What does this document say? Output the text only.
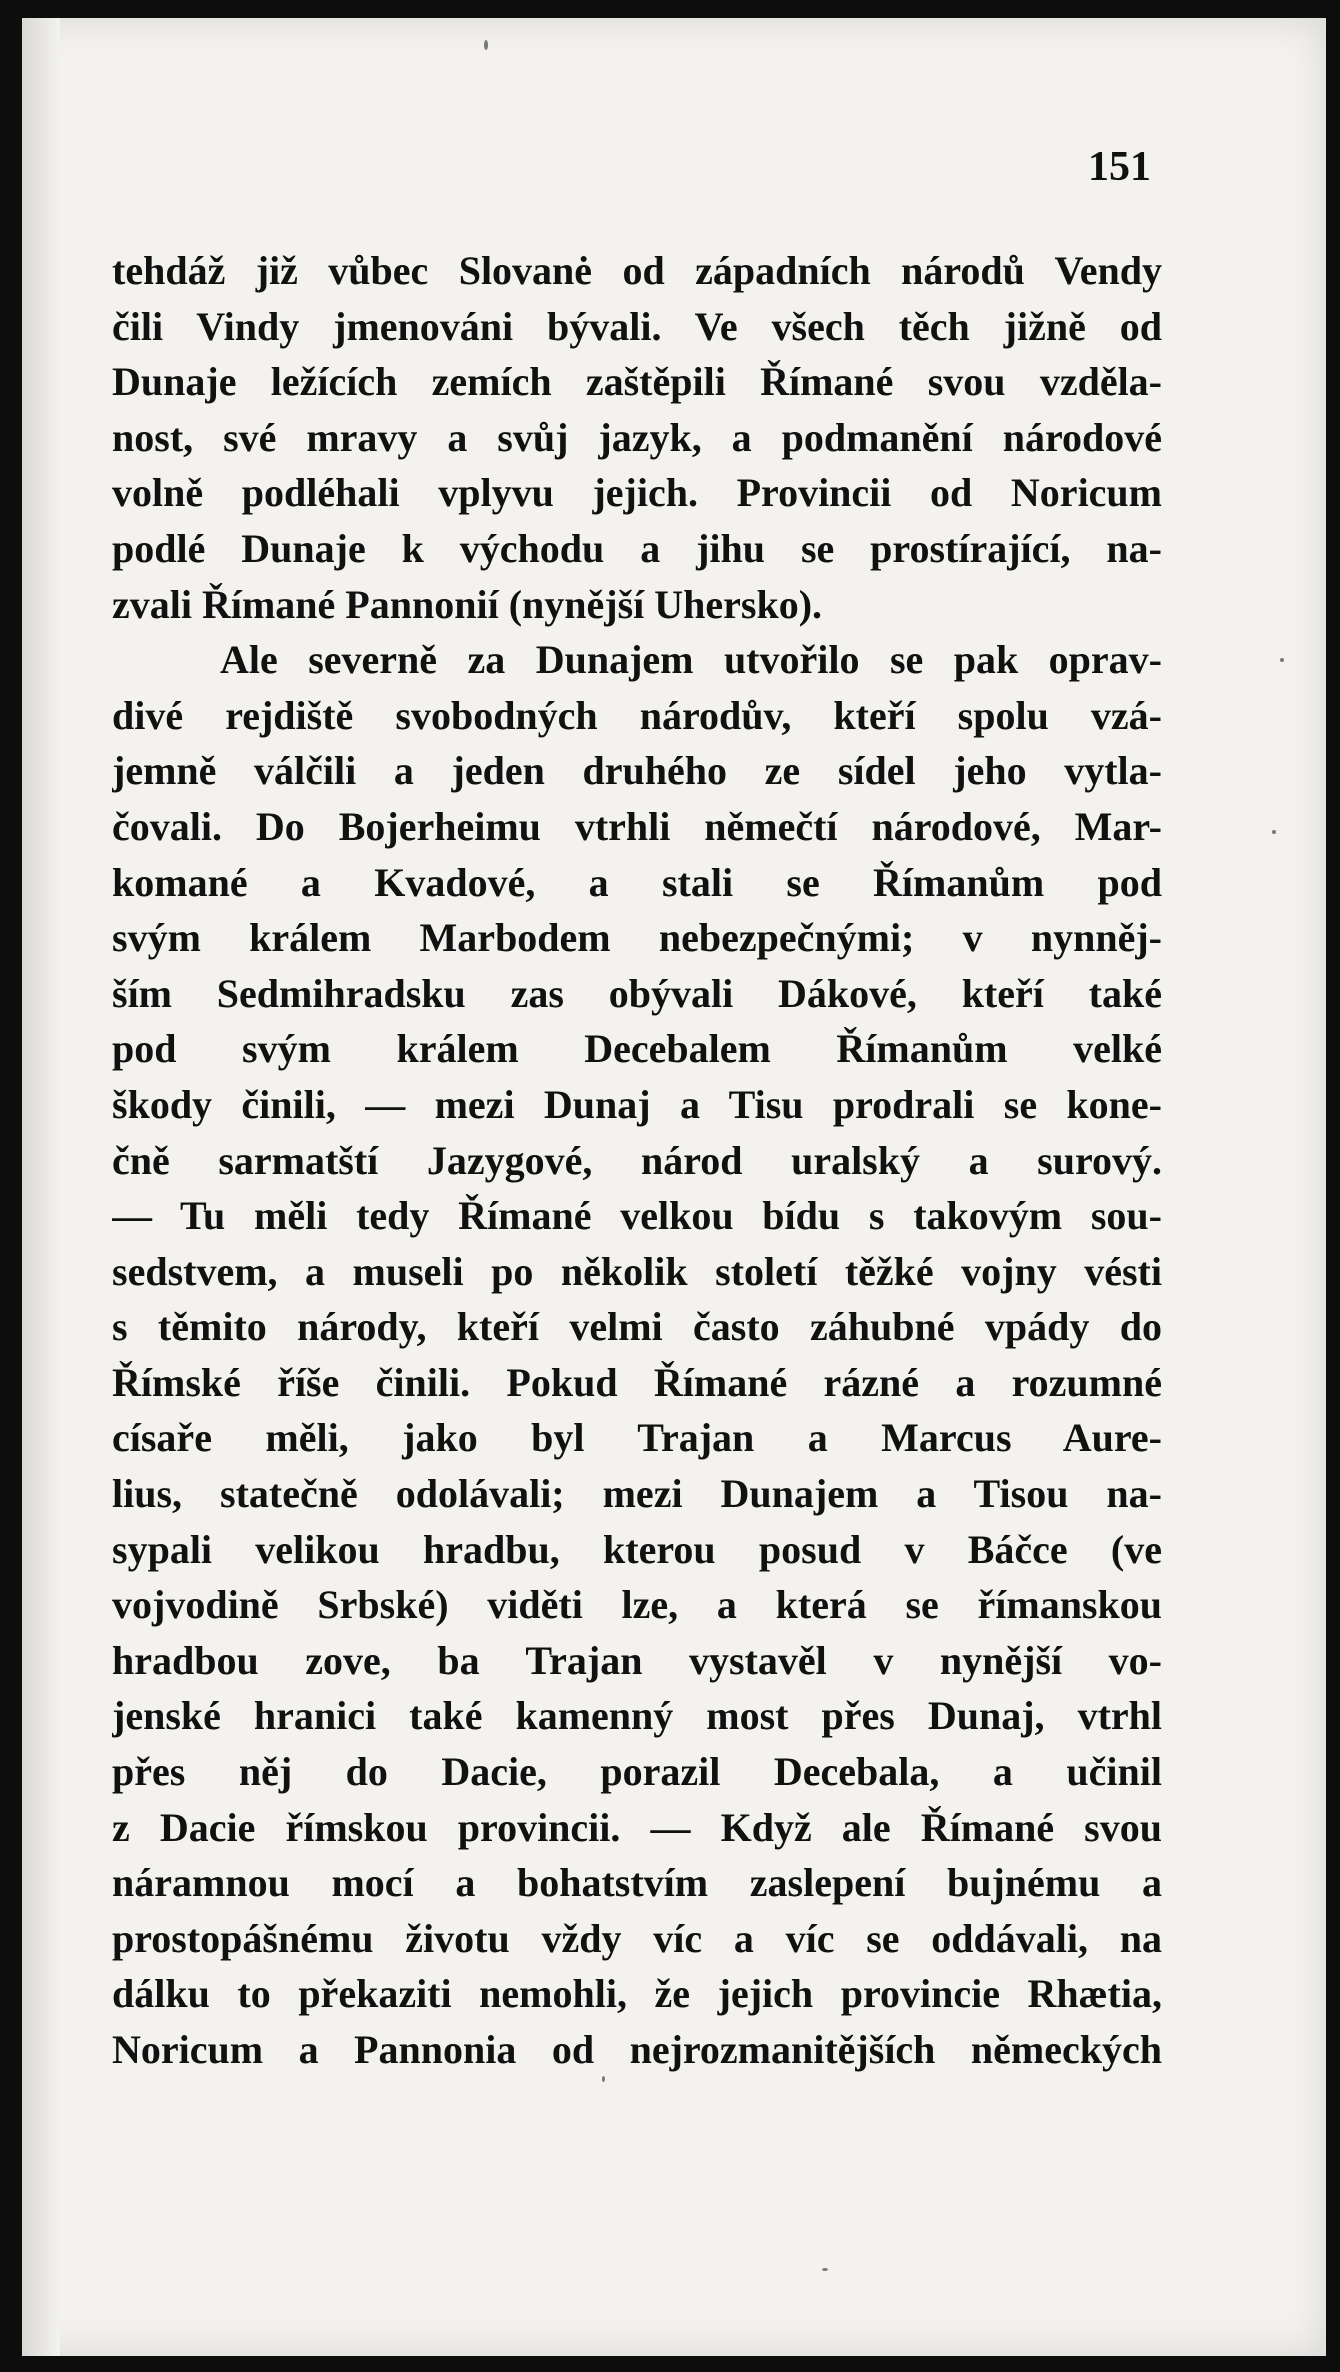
151

tehdáž již vůbec Slovanė od západních národů Vendy
čili Vindy jmenováni bývali. Ve všech těch jižně od
Dunaje ležících zemích zaštěpili Římané svou vzděla-
nost, své mravy a svůj jazyk, a podmanění národové
volně podléhali vplyvu jejich. Provincii od Noricum
podlé Dunaje k východu a jihu se prostírající, na-
zvali Římané Pannonií (nynější Uhersko).
Ale severně za Dunajem utvořilo se pak oprav-
divé rejdiště svobodných národův, kteří spolu vzá-
jemně válčili a jeden druhého ze sídel jeho vytla-
čovali. Do Bojerheimu vtrhli němečtí národové, Mar-
komané a Kvadové, a stali se Římanům pod
svým králem Marbodem nebezpečnými; v nynněj-
ším Sedmihradsku zas obývali Dákové, kteří také
pod svým králem Decebalem Římanům velké
škody činili, — mezi Dunaj a Tisu prodrali se kone-
čně sarmatští Jazygové, národ uralský a surový.
— Tu měli tedy Římané velkou bídu s takovým sou-
sedstvem, a museli po několik století těžké vojny vésti
s těmito národy, kteří velmi často záhubné vpády do
Římské říše činili. Pokud Římané rázné a rozumné
císaře měli, jako byl Trajan a Marcus Aure-
lius, statečně odolávali; mezi Dunajem a Tisou na-
sypali velikou hradbu, kterou posud v Báčce (ve
vojvodině Srbské) viděti lze, a která se římanskou
hradbou zove, ba Trajan vystavěl v nynější vo-
jenské hranici také kamenný most přes Dunaj, vtrhl
přes něj do Dacie, porazil Decebala, a učinil
z Dacie římskou provincii. — Když ale Římané svou
náramnou mocí a bohatstvím zaslepení bujnému a
prostopášnému životu vždy víc a víc se oddávali, na
dálku to překaziti nemohli, že jejich provincie Rhætia,
Noricum a Pannonia od nejrozmanitějších německých
